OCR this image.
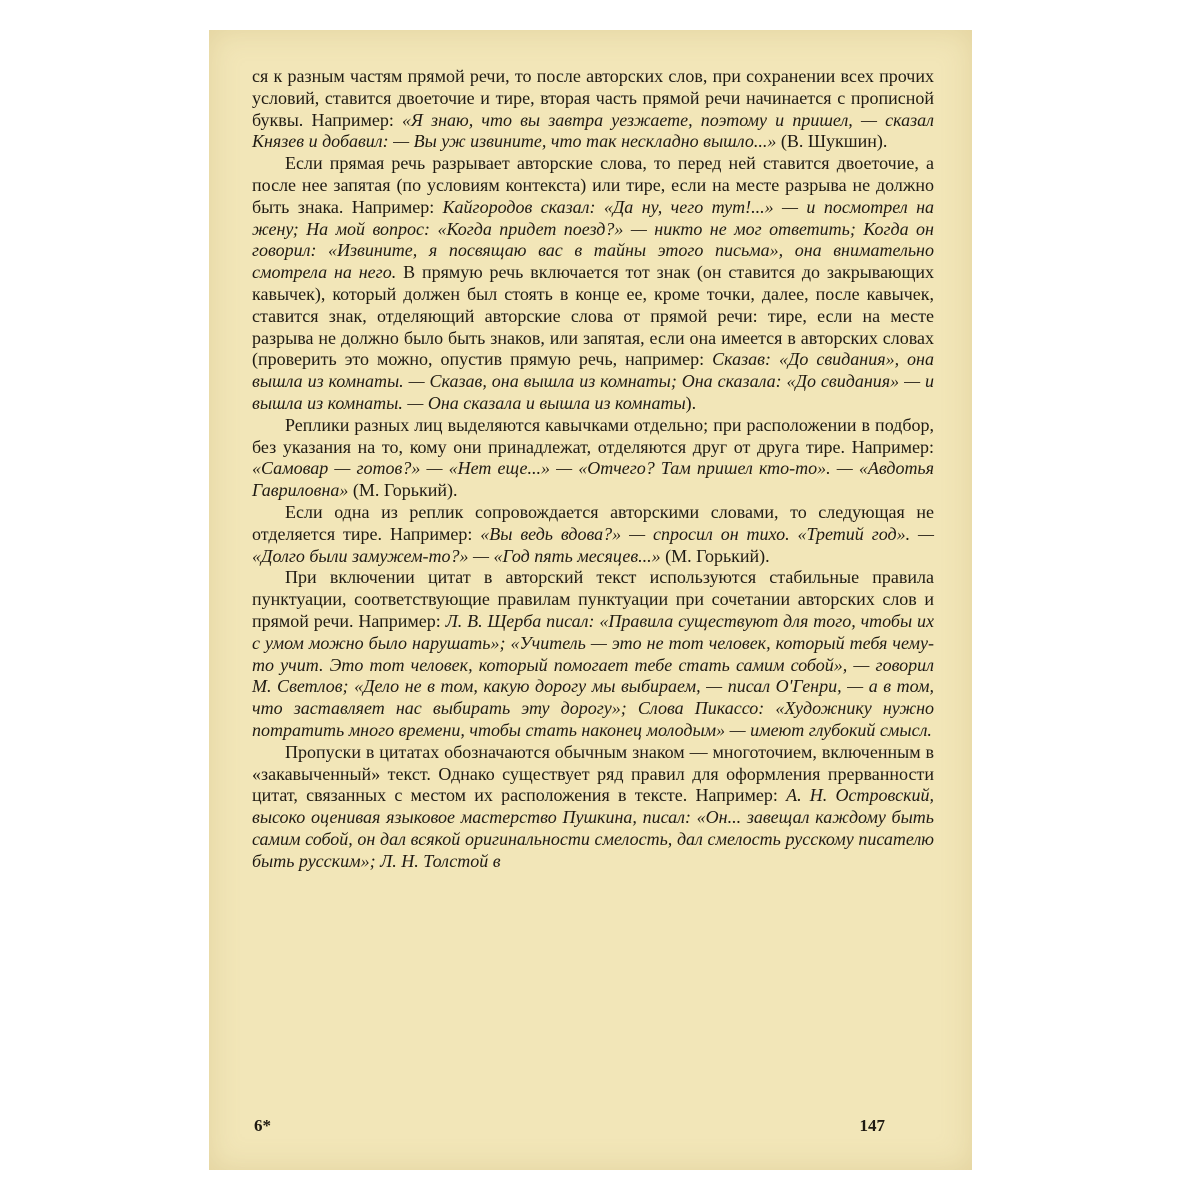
ся к разным частям прямой речи, то после авторских слов, при сохранении всех прочих условий, ставится двоеточие и тире, вторая часть прямой речи начинается с прописной буквы. Например: «Я знаю, что вы завтра уезжаете, поэтому и пришел, — сказал Князев и добавил: — Вы уж извините, что так нескладно вышло...» (В. Шукшин).

Если прямая речь разрывает авторские слова, то перед ней ставится двоеточие, а после нее запятая (по условиям контекста) или тире, если на месте разрыва не должно быть знака. Например: Кайгородов сказал: «Да ну, чего тут!...» — и посмотрел на жену; На мой вопрос: «Когда придет поезд?» — никто не мог ответить; Когда он говорил: «Извините, я посвящаю вас в тайны этого письма», она внимательно смотрела на него. В прямую речь включается тот знак (он ставится до закрывающих кавычек), который должен был стоять в конце ее, кроме точки, далее, после кавычек, ставится знак, отделяющий авторские слова от прямой речи: тире, если на месте разрыва не должно было быть знаков, или запятая, если она имеется в авторских словах (проверить это можно, опустив прямую речь, например: Сказав: «До свидания», она вышла из комнаты. — Сказав, она вышла из комнаты; Она сказала: «До свидания» — и вышла из комнаты. — Она сказала и вышла из комнаты).

Реплики разных лиц выделяются кавычками отдельно; при расположении в подбор, без указания на то, кому они принадлежат, отделяются друг от друга тире. Например: «Самовар — готов?» — «Нет еще...» — «Отчего? Там пришел кто-то». — «Авдотья Гавриловна» (М. Горький).

Если одна из реплик сопровождается авторскими словами, то следующая не отделяется тире. Например: «Вы ведь вдова?» — спросил он тихо. «Третий год». — «Долго были замужем-то?» — «Год пять месяцев...» (М. Горький).

При включении цитат в авторский текст используются стабильные правила пунктуации, соответствующие правилам пунктуации при сочетании авторских слов и прямой речи. Например: Л. В. Щерба писал: «Правила существуют для того, чтобы их с умом можно было нарушать»; «Учитель — это не тот человек, который тебя чему-то учит. Это тот человек, который помогает тебе стать самим собой», — говорил М. Светлов; «Дело не в том, какую дорогу мы выбираем, — писал О'Генри, — а в том, что заставляет нас выбирать эту дорогу»; Слова Пикассо: «Художнику нужно потратить много времени, чтобы стать наконец молодым» — имеют глубокий смысл.

Пропуски в цитатах обозначаются обычным знаком — многоточием, включенным в «закавыченный» текст. Однако существует ряд правил для оформления прерванности цитат, связанных с местом их расположения в тексте. Например: А. Н. Островский, высоко оценивая языковое мастерство Пушкина, писал: «Он... завещал каждому быть самим собой, он дал всякой оригинальности смелость, дал смелость русскому писателю быть русским»; Л. Н. Толстой в

6*	147
